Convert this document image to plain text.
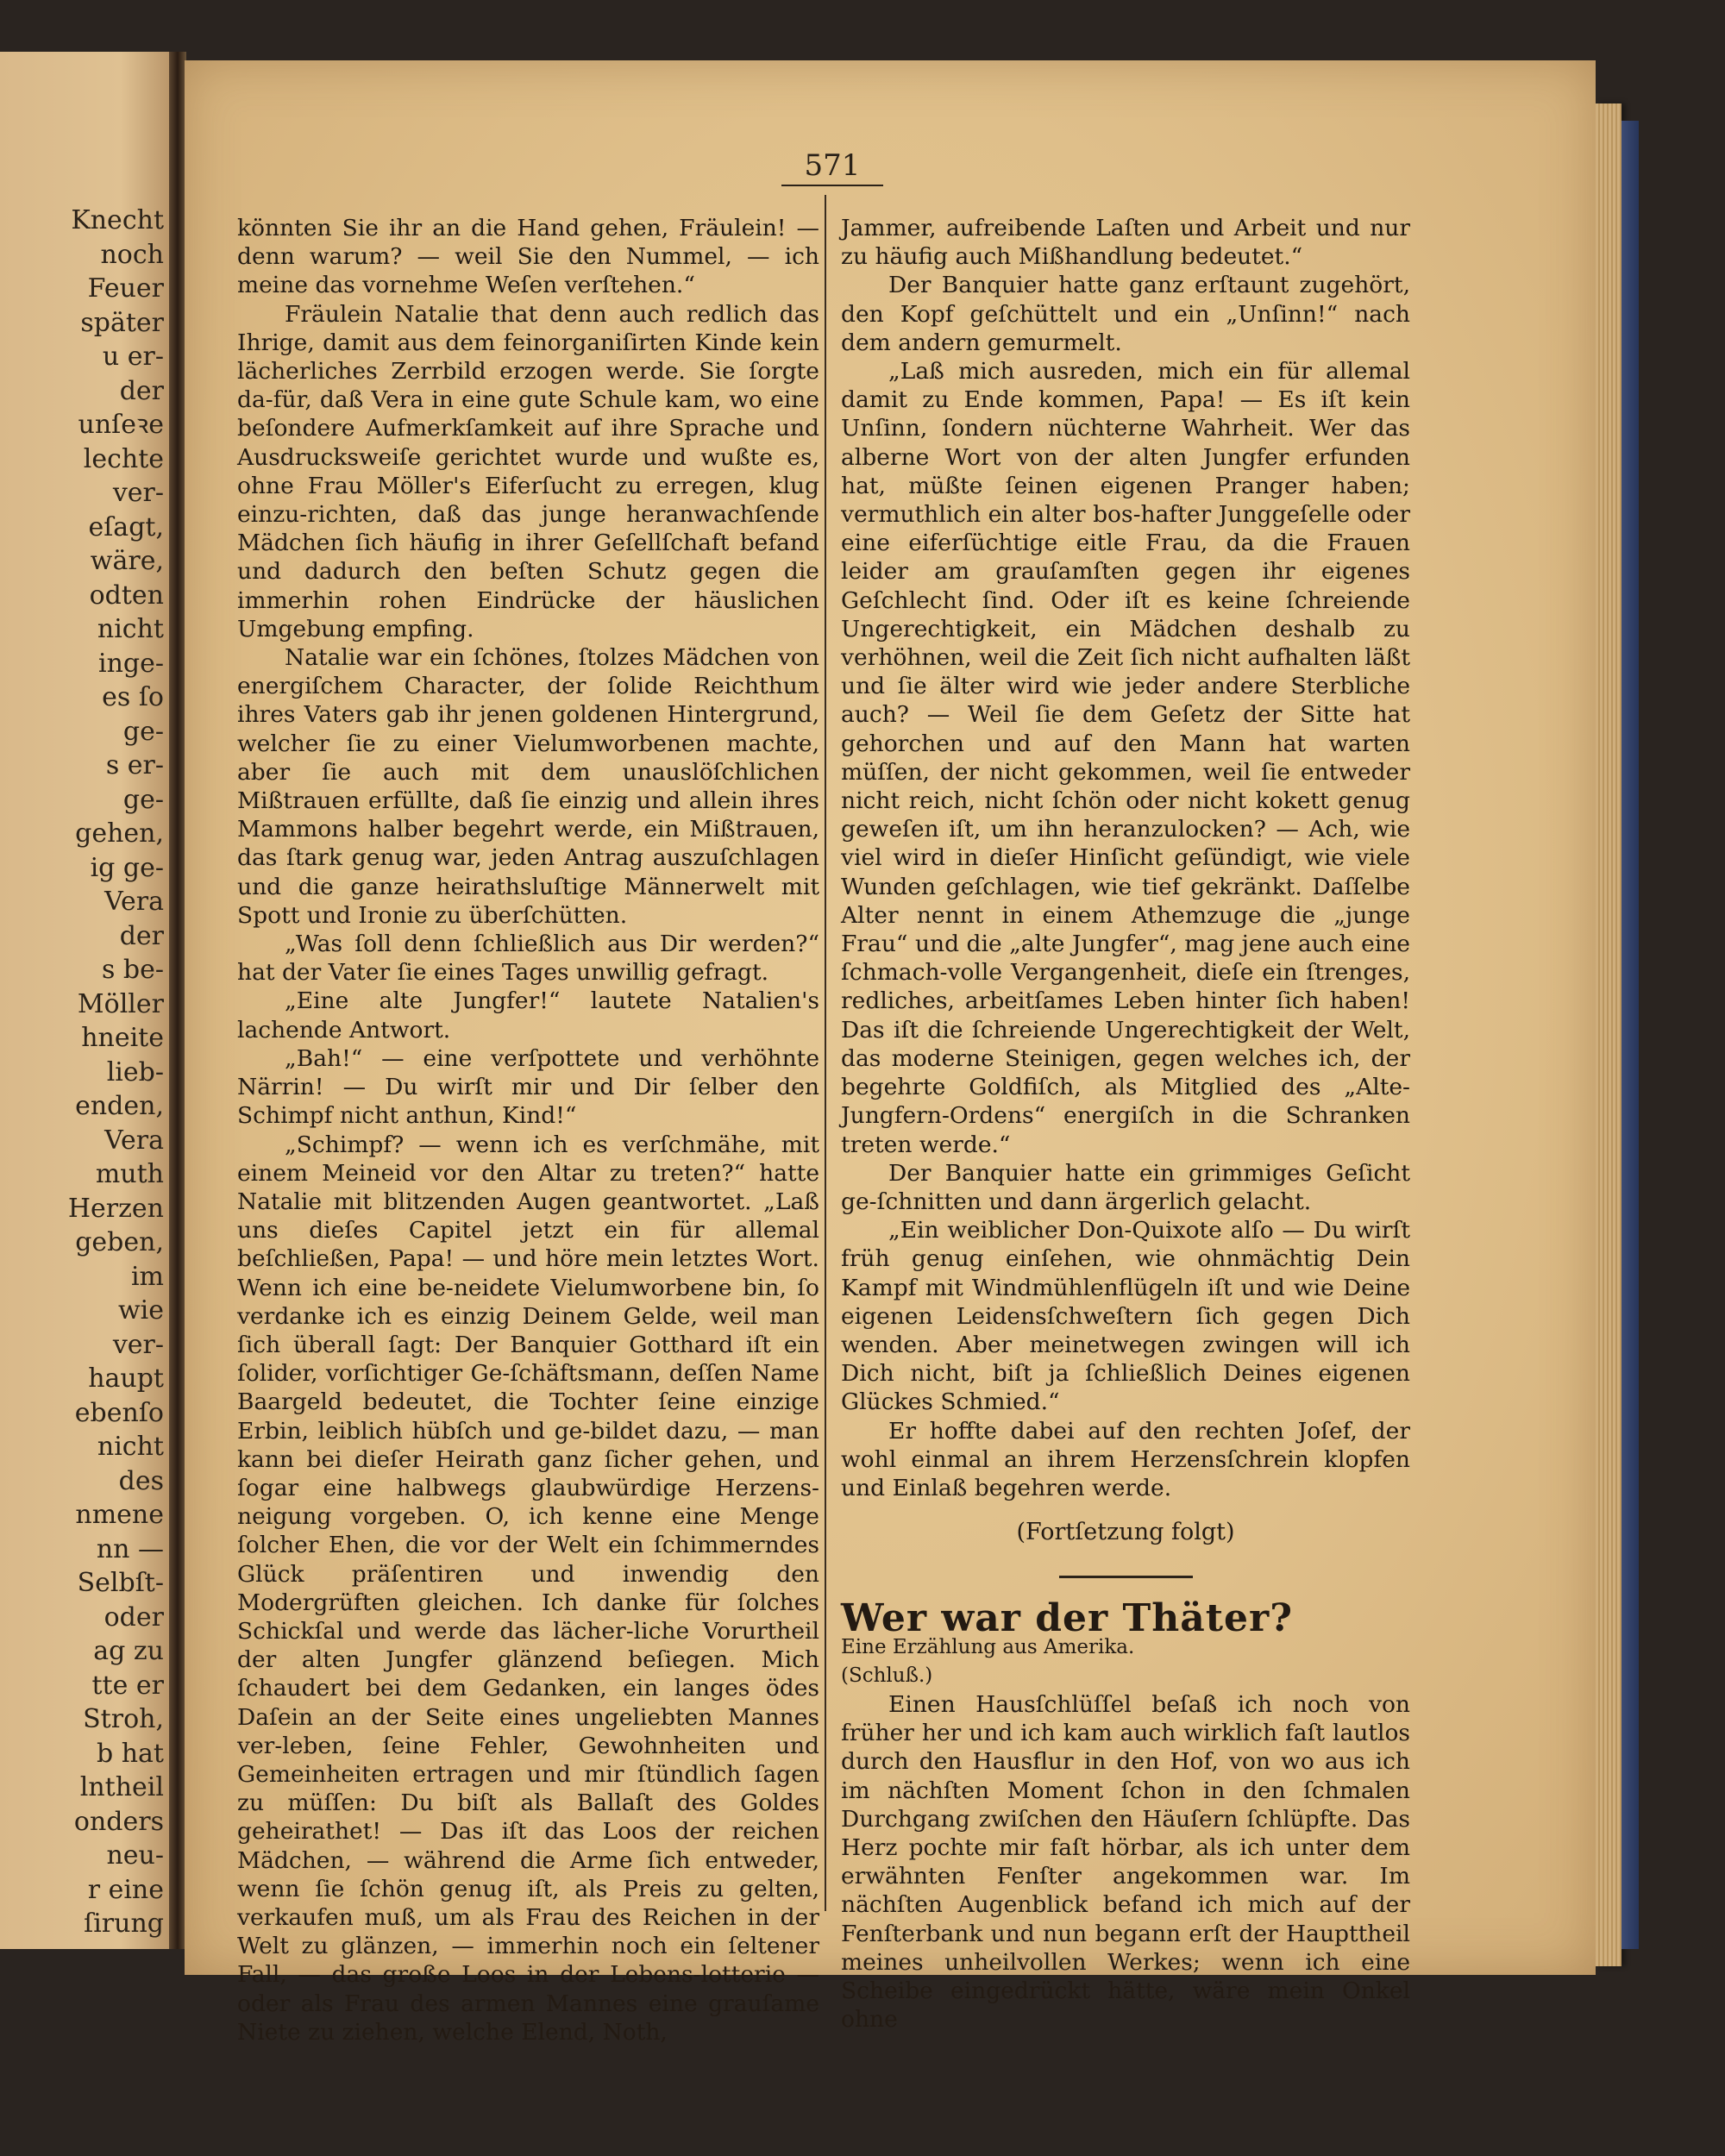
Knecht
noch
Feuer
später
u er-
der
unſeꝛe
lechte
ver-
eſagt,
wäre,
odten
nicht
inge-
es ſo
ge-
s er-
ge-
gehen,
ig ge-
Vera
der
s be-
Möller
hneite
lieb-
enden,
Vera
muth
Herzen
geben,
im
wie
ver-
haupt
ebenſo
nicht
des
nmene
nn —
Selbſt-
oder
ag zu
tte er
Stroh,
b hat
lntheil
onders
neu-
r eine
ſirung
571

könnten Sie ihr an die Hand gehen, Fräulein! — denn warum? — weil Sie den Nummel, — ich meine das vornehme Weſen verſtehen.“

Fräulein Natalie that denn auch redlich das Ihrige, damit aus dem feinorganiſirten Kinde kein lächerliches Zerrbild erzogen werde. Sie ſorgte da-für, daß Vera in eine gute Schule kam, wo eine beſondere Aufmerkſamkeit auf ihre Sprache und Ausdrucksweiſe gerichtet wurde und wußte es, ohne Frau Möller's Eiferſucht zu erregen, klug einzu-richten, daß das junge heranwachſende Mädchen ſich häufig in ihrer Geſellſchaft befand und dadurch den beſten Schutz gegen die immerhin rohen Eindrücke der häuslichen Umgebung empfing.

Natalie war ein ſchönes, ſtolzes Mädchen von energiſchem Character, der ſolide Reichthum ihres Vaters gab ihr jenen goldenen Hintergrund, welcher ſie zu einer Vielumworbenen machte, aber ſie auch mit dem unauslöſchlichen Mißtrauen erfüllte, daß ſie einzig und allein ihres Mammons halber begehrt werde, ein Mißtrauen, das ſtark genug war, jeden Antrag auszuſchlagen und die ganze heirathsluſtige Männerwelt mit Spott und Ironie zu überſchütten.

„Was ſoll denn ſchließlich aus Dir werden?“ hat der Vater ſie eines Tages unwillig gefragt.

„Eine alte Jungfer!“ lautete Natalien's lachende Antwort.

„Bah!“ — eine verſpottete und verhöhnte Närrin! — Du wirſt mir und Dir ſelber den Schimpf nicht anthun, Kind!“

„Schimpf? — wenn ich es verſchmähe, mit einem Meineid vor den Altar zu treten?“ hatte Natalie mit blitzenden Augen geantwortet. „Laß uns dieſes Capitel jetzt ein für allemal beſchließen, Papa! — und höre mein letztes Wort. Wenn ich eine be-neidete Vielumworbene bin, ſo verdanke ich es einzig Deinem Gelde, weil man ſich überall ſagt: Der Banquier Gotthard iſt ein ſolider, vorſichtiger Ge-ſchäftsmann, deſſen Name Baargeld bedeutet, die Tochter ſeine einzige Erbin, leiblich hübſch und ge-bildet dazu, — man kann bei dieſer Heirath ganz ſicher gehen, und ſogar eine halbwegs glaubwürdige Herzens-neigung vorgeben. O, ich kenne eine Menge ſolcher Ehen, die vor der Welt ein ſchimmerndes Glück präſentiren und inwendig den Modergrüften gleichen. Ich danke für ſolches Schickſal und werde das lächer-liche Vorurtheil der alten Jungfer glänzend beſiegen. Mich ſchaudert bei dem Gedanken, ein langes ödes Daſein an der Seite eines ungeliebten Mannes ver-leben, ſeine Fehler, Gewohnheiten und Gemeinheiten ertragen und mir ſtündlich ſagen zu müſſen: Du biſt als Ballaſt des Goldes geheirathet! — Das iſt das Loos der reichen Mädchen, — während die Arme ſich entweder, wenn ſie ſchön genug iſt, als Preis zu gelten, verkaufen muß, um als Frau des Reichen in der Welt zu glänzen, — immerhin noch ein ſeltener Fall, — das große Loos in der Lebens-lotterie — oder als Frau des armen Mannes eine grauſame Niete zu ziehen, welche Elend, Noth,

Jammer, aufreibende Laſten und Arbeit und nur zu häufig auch Mißhandlung bedeutet.“

Der Banquier hatte ganz erſtaunt zugehört, den Kopf geſchüttelt und ein „Unſinn!“ nach dem andern gemurmelt.

„Laß mich ausreden, mich ein für allemal damit zu Ende kommen, Papa! — Es iſt kein Unſinn, ſondern nüchterne Wahrheit. Wer das alberne Wort von der alten Jungfer erfunden hat, müßte ſeinen eigenen Pranger haben; vermuthlich ein alter bos-hafter Junggeſelle oder eine eiferſüchtige eitle Frau, da die Frauen leider am grauſamſten gegen ihr eigenes Geſchlecht ſind. Oder iſt es keine ſchreiende Ungerechtigkeit, ein Mädchen deshalb zu verhöhnen, weil die Zeit ſich nicht aufhalten läßt und ſie älter wird wie jeder andere Sterbliche auch? — Weil ſie dem Geſetz der Sitte hat gehorchen und auf den Mann hat warten müſſen, der nicht gekommen, weil ſie entweder nicht reich, nicht ſchön oder nicht kokett genug geweſen iſt, um ihn heranzulocken? — Ach, wie viel wird in dieſer Hinſicht geſündigt, wie viele Wunden geſchlagen, wie tief gekränkt. Daſſelbe Alter nennt in einem Athemzuge die „junge Frau“ und die „alte Jungfer“, mag jene auch eine ſchmach-volle Vergangenheit, dieſe ein ſtrenges, redliches, arbeitſames Leben hinter ſich haben! Das iſt die ſchreiende Ungerechtigkeit der Welt, das moderne Steinigen, gegen welches ich, der begehrte Goldfiſch, als Mitglied des „Alte-Jungfern-Ordens“ energiſch in die Schranken treten werde.“

Der Banquier hatte ein grimmiges Geſicht ge-ſchnitten und dann ärgerlich gelacht.

„Ein weiblicher Don-Quixote alſo — Du wirſt früh genug einſehen, wie ohnmächtig Dein Kampf mit Windmühlenflügeln iſt und wie Deine eigenen Leidensſchweſtern ſich gegen Dich wenden. Aber meinetwegen zwingen will ich Dich nicht, biſt ja ſchließlich Deines eigenen Glückes Schmied.“

Er hoffte dabei auf den rechten Joſef, der wohl einmal an ihrem Herzensſchrein klopfen und Einlaß begehren werde.

(Fortſetzung folgt)

Wer war der Thäter?

Eine Erzählung aus Amerika.

(Schluß.)

Einen Hausſchlüſſel beſaß ich noch von früher her und ich kam auch wirklich faſt lautlos durch den Hausflur in den Hof, von wo aus ich im nächſten Moment ſchon in den ſchmalen Durchgang zwiſchen den Häuſern ſchlüpfte. Das Herz pochte mir faſt hörbar, als ich unter dem erwähnten Fenſter angekommen war. Im nächſten Augenblick befand ich mich auf der Fenſterbank und nun begann erſt der Haupttheil meines unheilvollen Werkes; wenn ich eine Scheibe eingedrückt hätte, wäre mein Onkel ohne
